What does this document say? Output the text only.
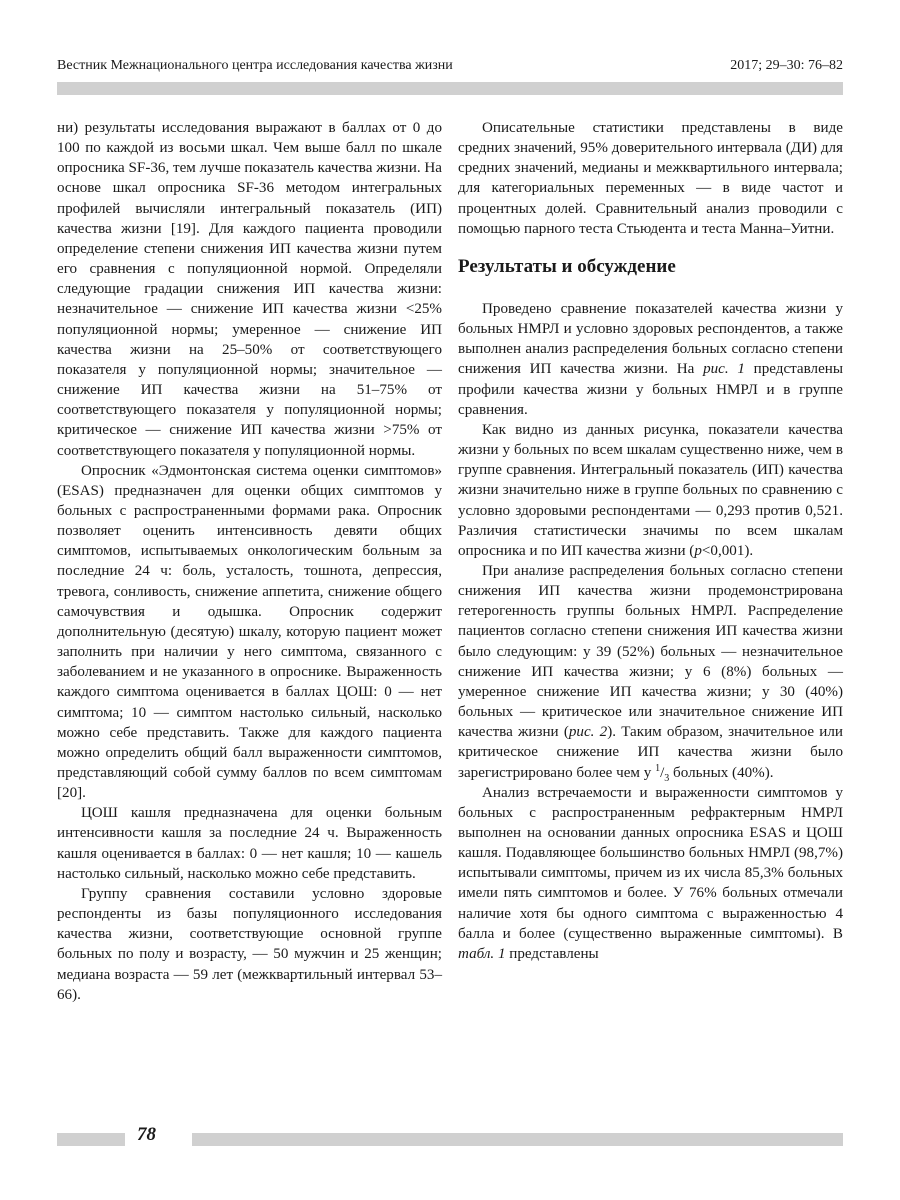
Вестник Межнационального центра исследования качества жизни	2017; 29–30: 76–82

ни) результаты исследования выражают в баллах от 0 до 100 по каждой из восьми шкал. Чем выше балл по шкале опросника SF-36, тем лучше показатель качества жизни. На основе шкал опросника SF-36 методом интегральных профилей вычисляли интегральный показатель (ИП) качества жизни [19]. Для каждого пациента проводили определение степени снижения ИП качества жизни путем его сравнения с популяционной нормой. Определяли следующие градации снижения ИП качества жизни: незначительное — снижение ИП качества жизни <25% популяционной нормы; умеренное — снижение ИП качества жизни на 25–50% от соответствующего показателя у популяционной нормы; значительное — снижение ИП качества жизни на 51–75% от соответствующего показателя у популяционной нормы; критическое — снижение ИП качества жизни >75% от соответствующего показателя у популяционной нормы.

Опросник «Эдмонтонская система оценки симптомов» (ESAS) предназначен для оценки общих симптомов у больных с распространенными формами рака. Опросник позволяет оценить интенсивность девяти общих симптомов, испытываемых онкологическим больным за последние 24 ч: боль, усталость, тошнота, депрессия, тревога, сонливость, снижение аппетита, снижение общего самочувствия и одышка. Опросник содержит дополнительную (десятую) шкалу, которую пациент может заполнить при наличии у него симптома, связанного с заболеванием и не указанного в опроснике. Выраженность каждого симптома оценивается в баллах ЦОШ: 0 — нет симптома; 10 — симптом настолько сильный, насколько можно себе представить. Также для каждого пациента можно определить общий балл выраженности симптомов, представляющий собой сумму баллов по всем симптомам [20].

ЦОШ кашля предназначена для оценки больным интенсивности кашля за последние 24 ч. Выраженность кашля оценивается в баллах: 0 — нет кашля; 10 — кашель настолько сильный, насколько можно себе представить.

Группу сравнения составили условно здоровые респонденты из базы популяционного исследования качества жизни, соответствующие основной группе больных по полу и возрасту, — 50 мужчин и 25 женщин; медиана возраста — 59 лет (межквартильный интервал 53–66).

Описательные статистики представлены в виде средних значений, 95% доверительного интервала (ДИ) для средних значений, медианы и межквартильного интервала; для категориальных переменных — в виде частот и процентных долей. Сравнительный анализ проводили с помощью парного теста Стьюдента и теста Манна–Уитни.

Результаты и обсуждение

Проведено сравнение показателей качества жизни у больных НМРЛ и условно здоровых респондентов, а также выполнен анализ распределения больных согласно степени снижения ИП качества жизни. На рис. 1 представлены профили качества жизни у больных НМРЛ и в группе сравнения.

Как видно из данных рисунка, показатели качества жизни у больных по всем шкалам существенно ниже, чем в группе сравнения. Интегральный показатель (ИП) качества жизни значительно ниже в группе больных по сравнению с условно здоровыми респондентами — 0,293 против 0,521. Различия статистически значимы по всем шкалам опросника и по ИП качества жизни (p<0,001).

При анализе распределения больных согласно степени снижения ИП качества жизни продемонстрирована гетерогенность группы больных НМРЛ. Распределение пациентов согласно степени снижения ИП качества жизни было следующим: у 39 (52%) больных — незначительное снижение ИП качества жизни; у 6 (8%) больных — умеренное снижение ИП качества жизни; у 30 (40%) больных — критическое или значительное снижение ИП качества жизни (рис. 2). Таким образом, значительное или критическое снижение ИП качества жизни было зарегистрировано более чем у $^1/_3$ больных (40%).

Анализ встречаемости и выраженности симптомов у больных с распространенным рефрактерным НМРЛ выполнен на основании данных опросника ESAS и ЦОШ кашля. Подавляющее большинство больных НМРЛ (98,7%) испытывали симптомы, причем из их числа 85,3% больных имели пять симптомов и более. У 76% больных отмечали наличие хотя бы одного симптома с выраженностью 4 балла и более (существенно выраженные симптомы). В табл. 1 представлены

78
